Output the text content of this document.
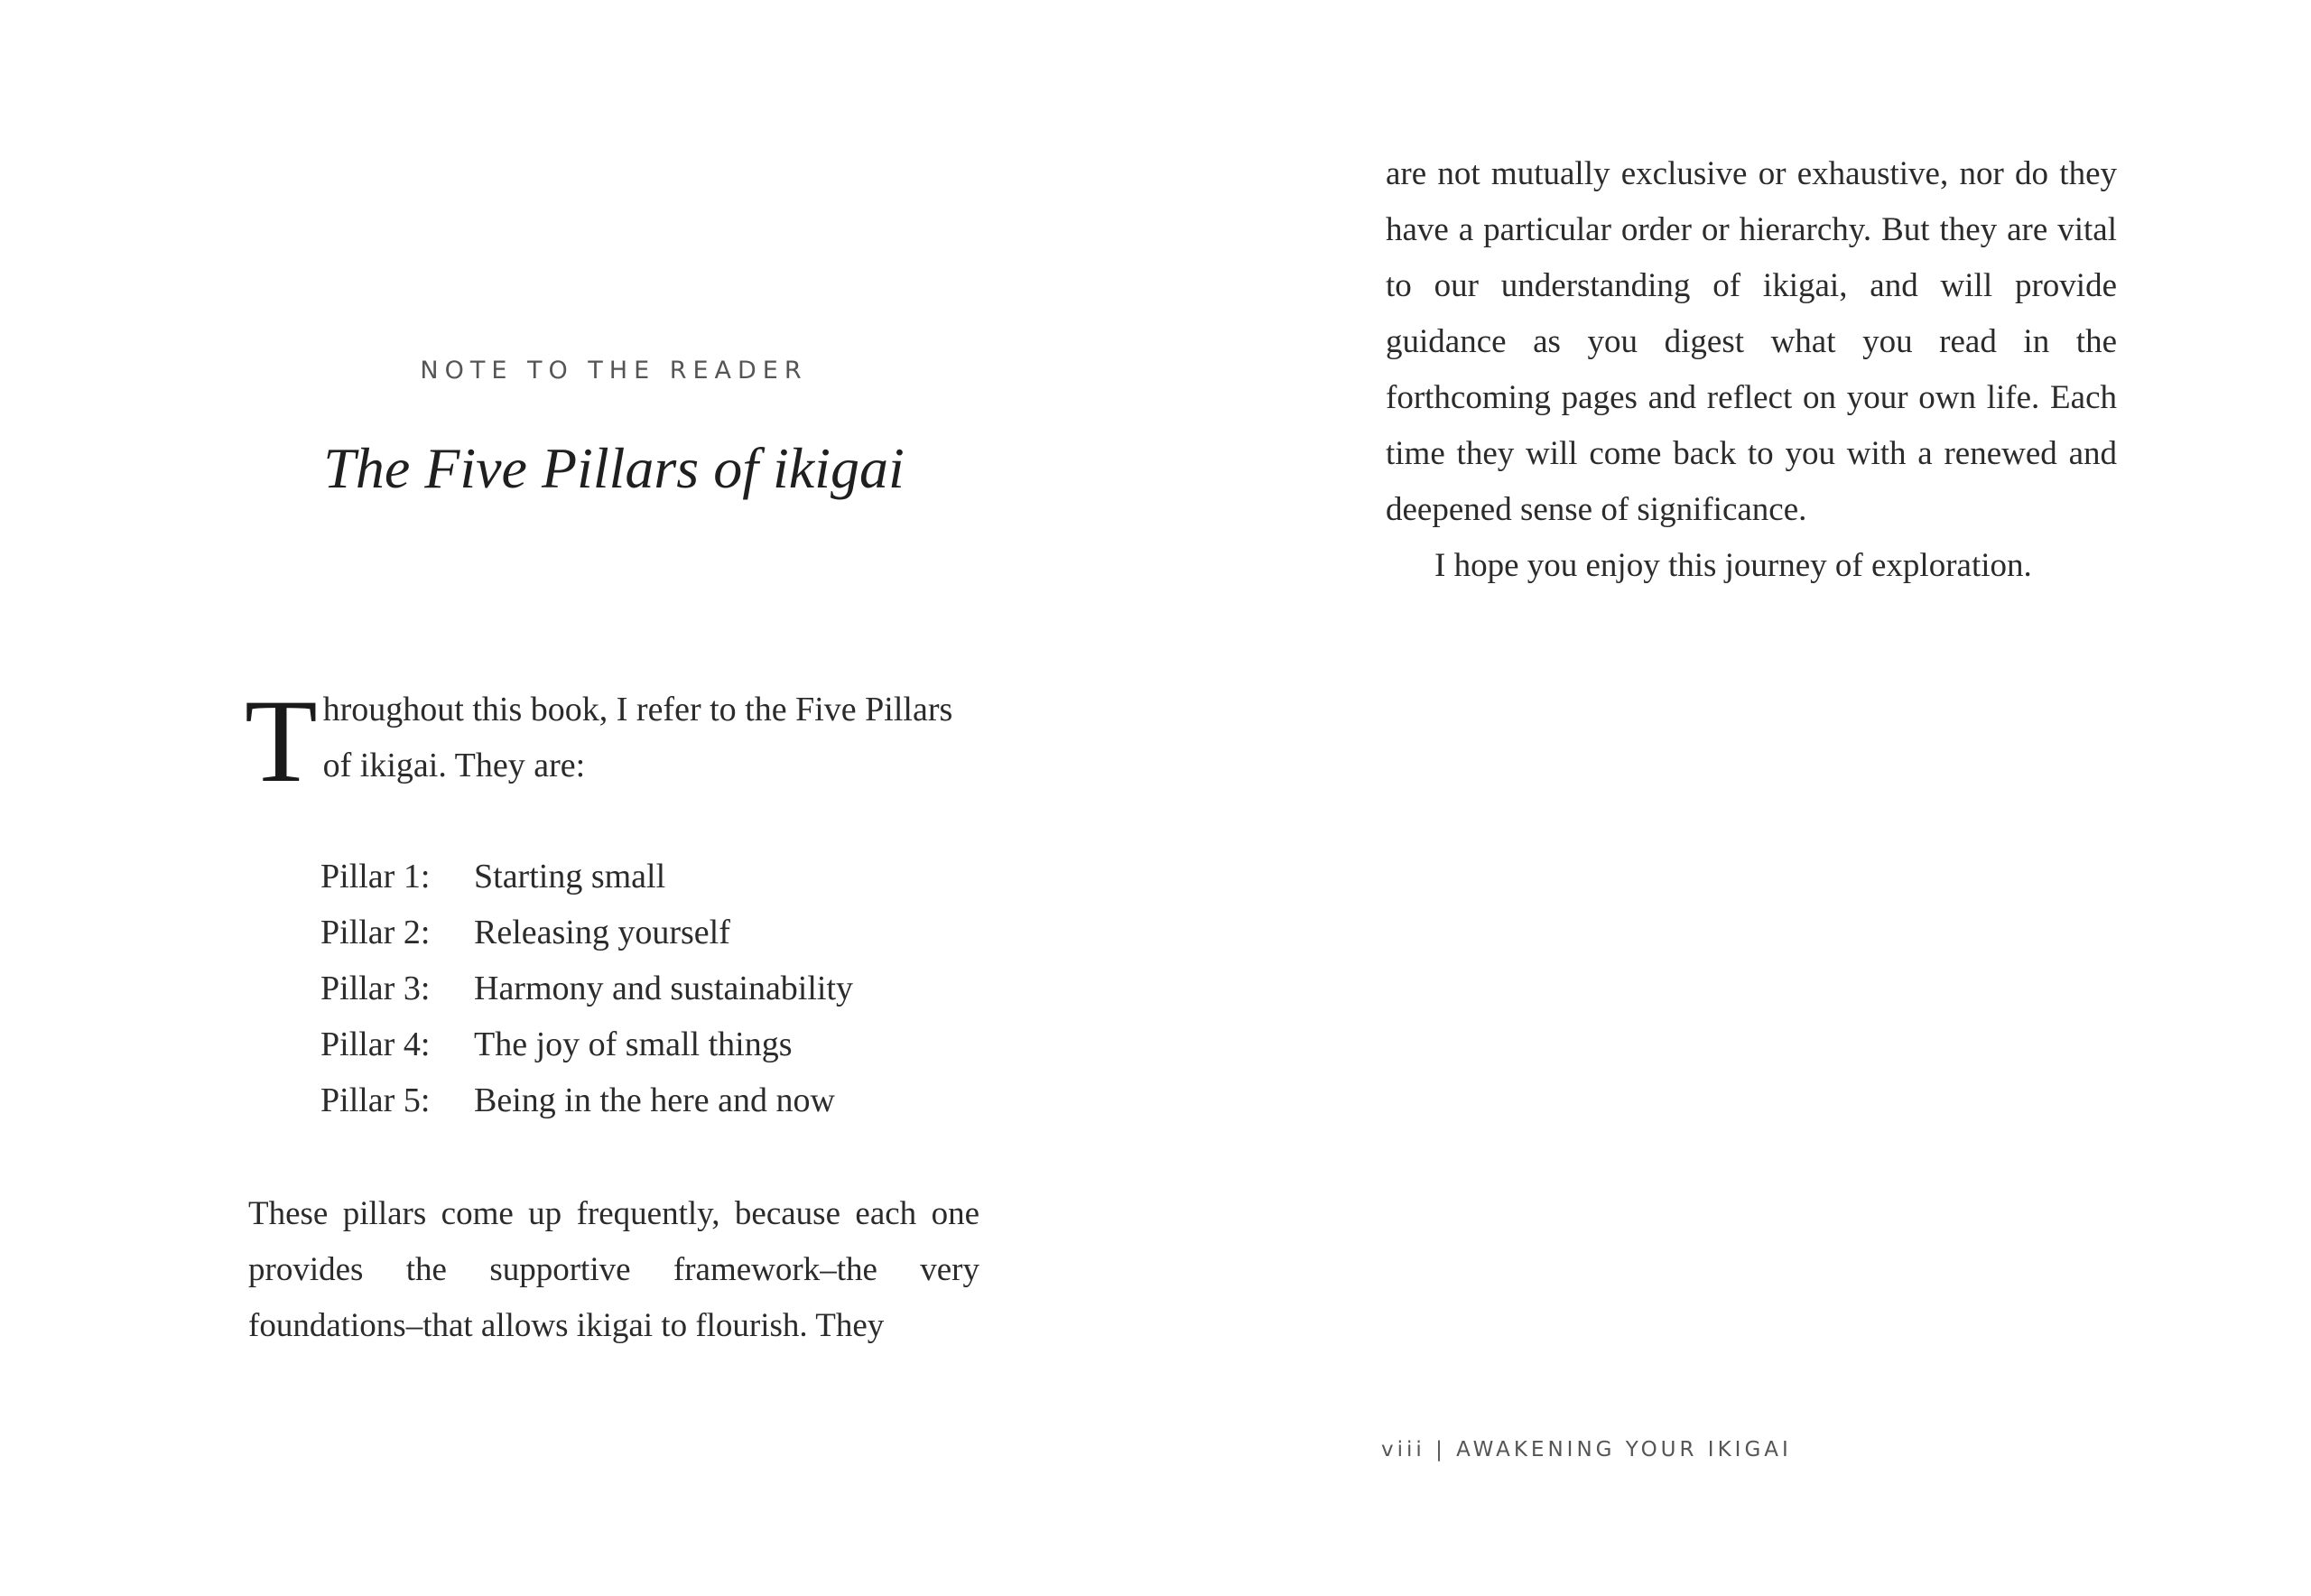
NOTE TO THE READER
The Five Pillars of ikigai
Throughout this book, I refer to the Five Pillars of ikigai. They are:
Pillar 1:	Starting small
Pillar 2:	Releasing yourself
Pillar 3:	Harmony and sustainability
Pillar 4:	The joy of small things
Pillar 5:	Being in the here and now

These pillars come up frequently, because each one provides the supportive framework–the very foundations–that allows ikigai to flourish. They

are not mutually exclusive or exhaustive, nor do they have a particular order or hierarchy. But they are vital to our understanding of ikigai, and will provide guidance as you digest what you read in the forthcoming pages and reflect on your own life. Each time they will come back to you with a renewed and deepened sense of significance.

I hope you enjoy this journey of exploration.

viii | AWAKENING YOUR IKIGAI
